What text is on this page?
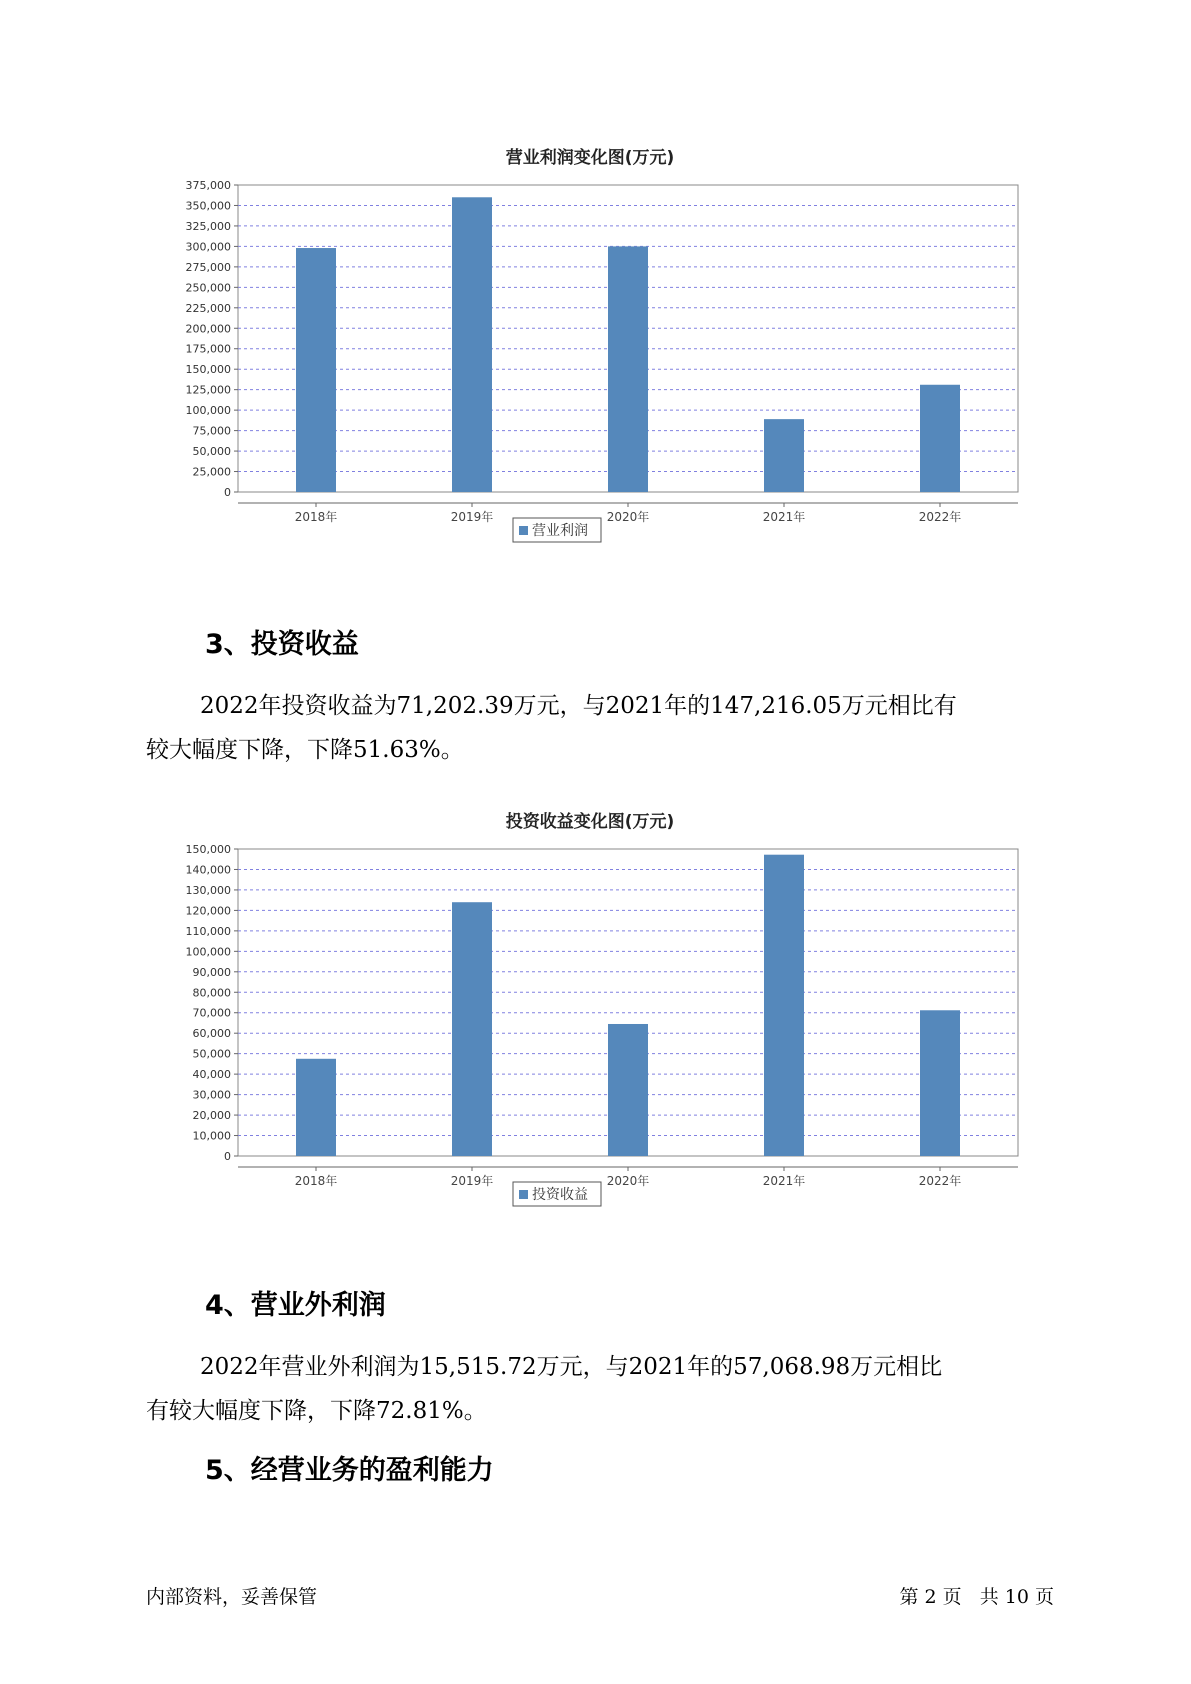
营业利润变化图(万元)
0
25,000
50,000
75,000
100,000
125,000
150,000
175,000
200,000
225,000
250,000
275,000
300,000
325,000
350,000
375,000
2018年	2019年	2020年	2021年	2022年
营业利润
3、投资收益
2022年投资收益为71,202.39万元，与2021年的147,216.05万元相比有
较大幅度下降，下降51.63%。
投资收益变化图(万元)
0
10,000
20,000
30,000
40,000
50,000
60,000
70,000
80,000
90,000
100,000
110,000
120,000
130,000
140,000
150,000
2018年	2019年	2020年	2021年	2022年
投资收益
4、营业外利润
2022年营业外利润为15,515.72万元，与2021年的57,068.98万元相比
有较大幅度下降，下降72.81%。
5、经营业务的盈利能力
内部资料，妥善保管	第 2 页   共 10 页
